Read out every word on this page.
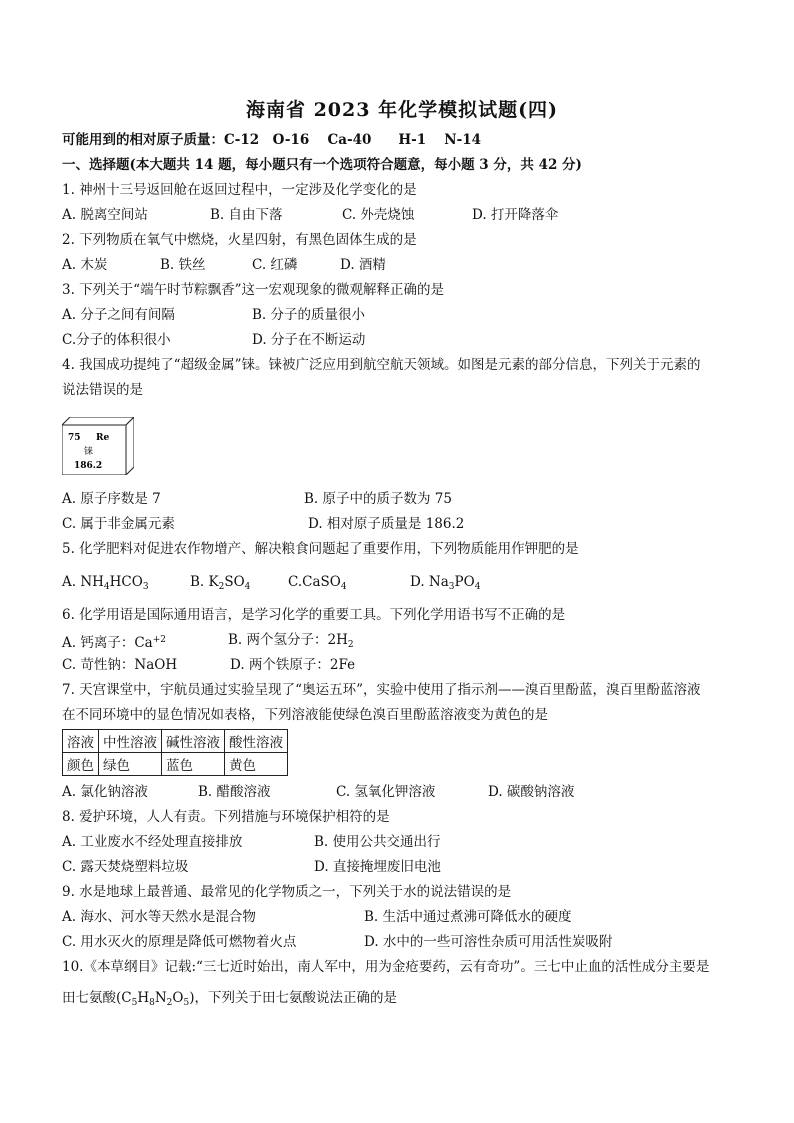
海南省 2023 年化学模拟试题(四)
可能用到的相对原子质量：C-12　O-16　 Ca-40　　H-1　 N-14
一、选择题(本大题共 14 题，每小题只有一个选项符合题意，每小题 3 分，共 42 分)
1. 神州十三号返回舱在返回过程中，一定涉及化学变化的是
A. 脱离空间站	B. 自由下落	C. 外壳烧蚀	D. 打开降落伞
2. 下列物质在氧气中燃烧，火星四射，有黑色固体生成的是
A. 木炭	B. 铁丝	C. 红磷	D. 酒精
3. 下列关于“端午时节粽飘香”这一宏观现象的微观解释正确的是
A. 分子之间有间隔	B. 分子的质量很小
C.分子的体积很小	D. 分子在不断运动
4. 我国成功提纯了“超级金属”铼。铼被广泛应用到航空航天领域。如图是元素的部分信息，下列关于元素的
说法错误的是
75 Re
铼
186.2
A. 原子序数是 7	B. 原子中的质子数为 75
C. 属于非金属元素	D. 相对原子质量是 186.2
5. 化学肥料对促进农作物增产、解决粮食问题起了重要作用，下列物质能用作钾肥的是
A. $NH_4HCO_3$	B. $K_2SO_4$	C.CaSO$_4$	D. $Na_3PO_4$
6. 化学用语是国际通用语言，是学习化学的重要工具。下列化学用语书写不正确的是
A. 钙离子：$Ca^{+2}$	B. 两个氢分子：$2H_2$
C. 苛性钠：NaOH	D. 两个铁原子：2Fe
7. 天宫课堂中，宇航员通过实验呈现了“奥运五环”，实验中使用了指示剂——溴百里酚蓝，溴百里酚蓝溶液
在不同环境中的显色情况如表格，下列溶液能使绿色溴百里酚蓝溶液变为黄色的是
溶液	中性溶液	碱性溶液	酸性溶液
颜色	绿色	蓝色	黄色
A. 氯化钠溶液	B. 醋酸溶液	C. 氢氧化钾溶液	D. 碳酸钠溶液
8. 爱护环境，人人有责。下列措施与环境保护相符的是
A. 工业废水不经处理直接排放	B. 使用公共交通出行
C. 露天焚烧塑料垃圾	D. 直接掩埋废旧电池
9. 水是地球上最普通、最常见的化学物质之一，下列关于水的说法错误的是
A. 海水、河水等天然水是混合物	B. 生活中通过煮沸可降低水的硬度
C. 用水灭火的原理是降低可燃物着火点	D. 水中的一些可溶性杂质可用活性炭吸附
10.《本草纲目》记载:“三七近时始出，南人军中，用为金疮要药，云有奇功”。三七中止血的活性成分主要是
田七氨酸$(C_5H_8N_2O_5)$，下列关于田七氨酸说法正确的是
